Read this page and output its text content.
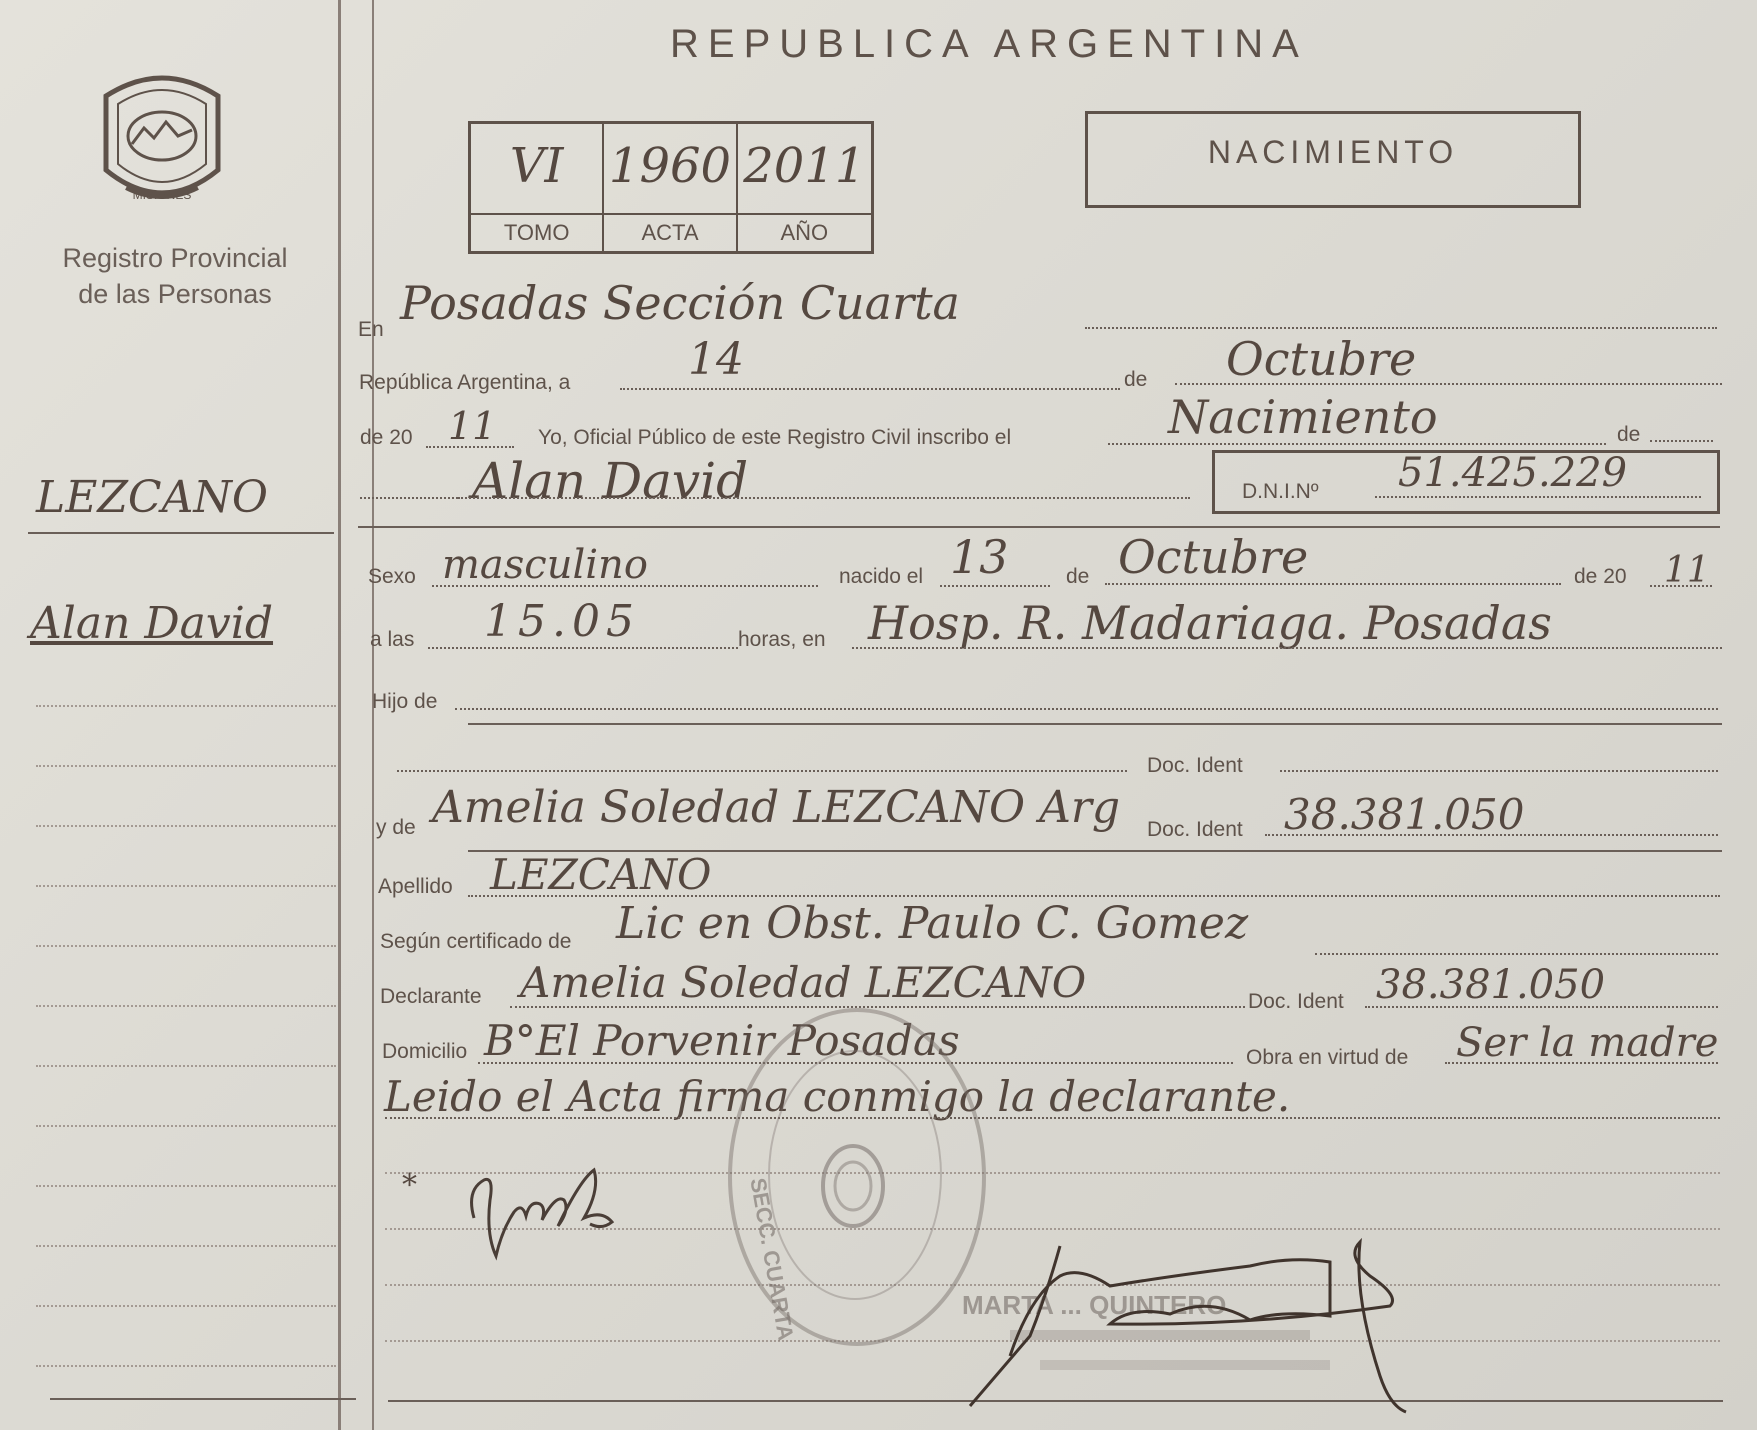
REPUBLICA ARGENTINA
MISIONES
Registro Provincial
de las Personas
VI 1960 2011
TOMO	ACTA	AÑO
NACIMIENTO
LEZCANO
Alan David
En Posadas Sección Cuarta
República Argentina, a	14	de Octubre
de 20 11 Yo, Oficial Público de este Registro Civil inscribo el	Nacimiento	de
Alan David	D.N.I.Nº 51.425.229
Sexo masculino	nacido el 13	de Octubre	de 20 11
a las 15.05	horas, en Hosp. R. Madariaga. Posadas
Hijo de
Doc. Ident
y de Amelia Soledad LEZCANO Arg Doc. Ident 38.381.050
Apellido LEZCANO
Según certificado de Lic en Obst. Paulo C. Gomez
Declarante Amelia Soledad LEZCANO	Doc. Ident 38.381.050
Domicilio B°El Porvenir Posadas	Obra en virtud de Ser la madre
Leido el Acta firma conmigo la declarante.
*	SECC. CUARTA	MARTA ... QUINTERO
